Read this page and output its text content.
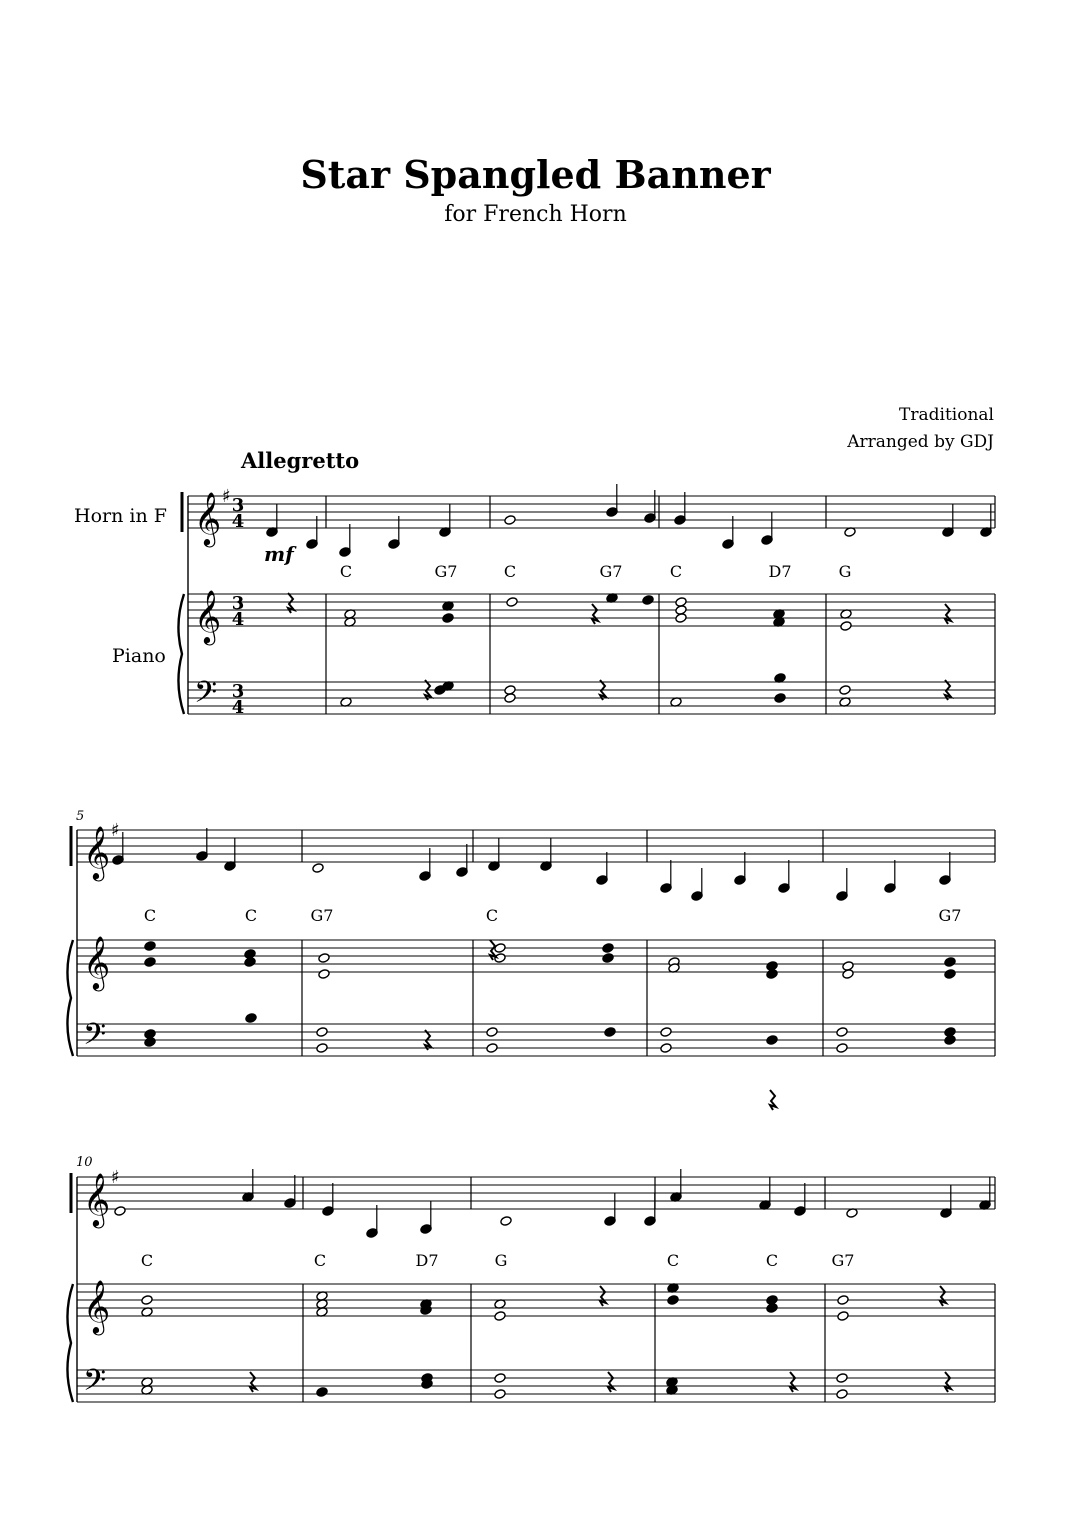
Star Spangled Banner
for French Horn
Traditional
Arranged by GDJ
Allegretto
Horn in F
Piano
𝄞
𝄞
𝄢
♯
C	G7	C	G7	C	D7	G
𝄞
𝄞
𝄢
♯
C	C	G7	C	G7
𝄞
𝄞
𝄢
♯
C	C	D7	G	C	C	G7
3
4
3
4
3
4
mf
5
10
